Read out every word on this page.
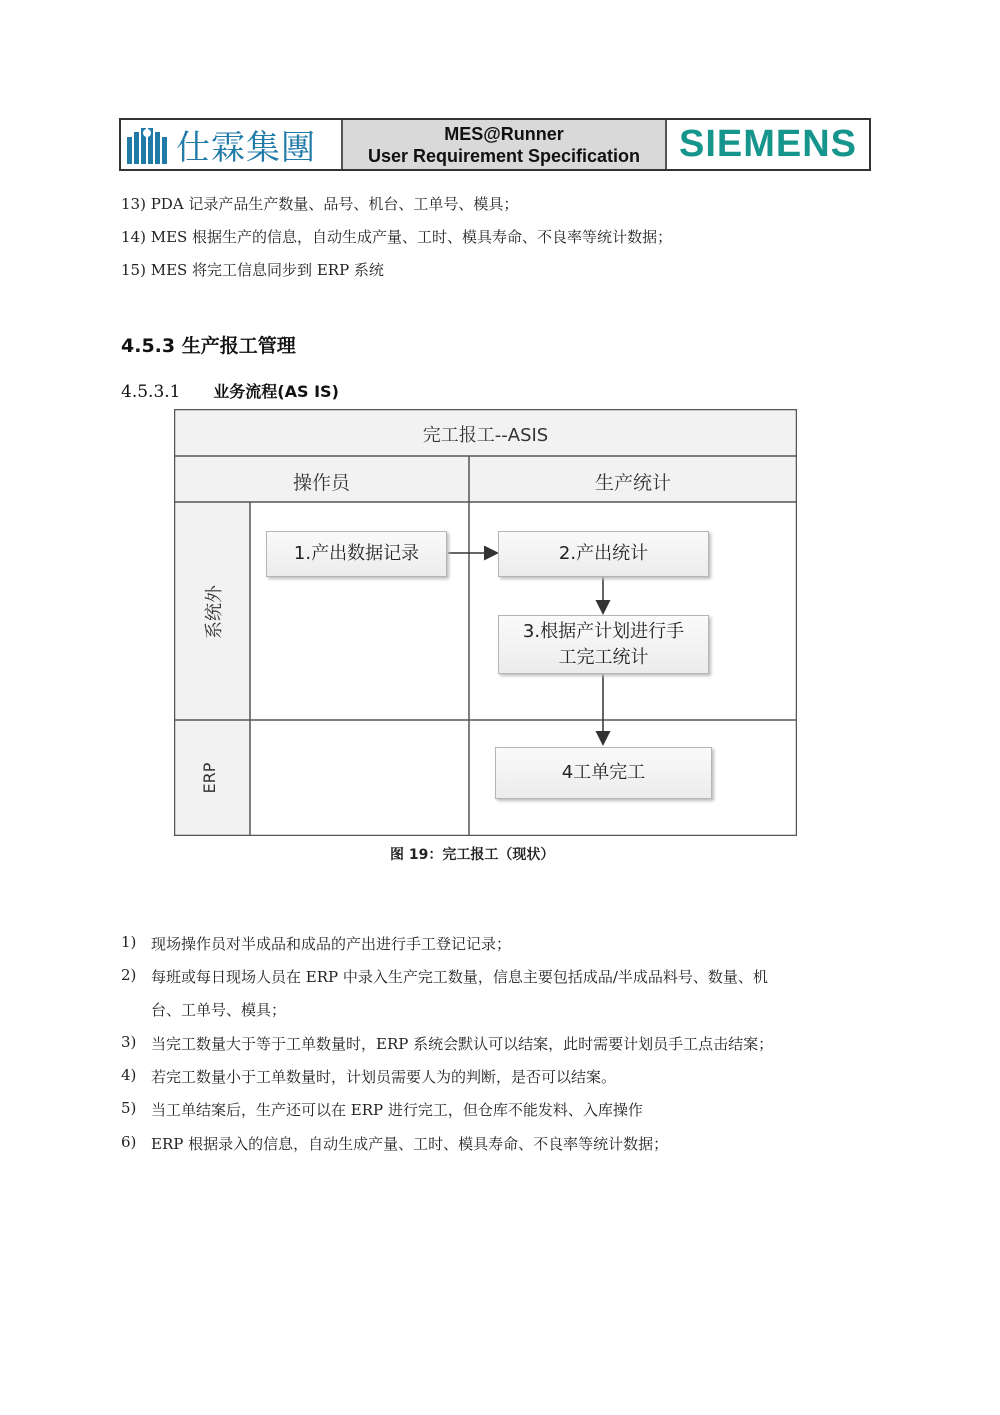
仕霖集團	MES@Runner
User Requirement Specification	SIEMENS
13) PDA 记录产品生产数量、品号、机台、工单号、模具；
14) MES 根据生产的信息，自动生成产量、工时、模具寿命、不良率等统计数据；
15) MES 将完工信息同步到 ERP 系统
4.5.3 生产报工管理
4.5.3.1 业务流程(AS IS)
完工报工--ASIS
操作员	生产统计
系统外
ERP
1.产出数据记录	2.产出统计
3.根据产计划进行手
工完工统计
4工单完工
图 19：完工报工（现状）
1) 现场操作员对半成品和成品的产出进行手工登记记录；
2) 每班或每日现场人员在 ERP 中录入生产完工数量，信息主要包括成品/半成品料号、数量、机
台、工单号、模具；
3) 当完工数量大于等于工单数量时，ERP 系统会默认可以结案，此时需要计划员手工点击结案；
4) 若完工数量小于工单数量时，计划员需要人为的判断，是否可以结案。
5) 当工单结案后，生产还可以在 ERP 进行完工，但仓库不能发料、入库操作
6) ERP 根据录入的信息，自动生成产量、工时、模具寿命、不良率等统计数据；
